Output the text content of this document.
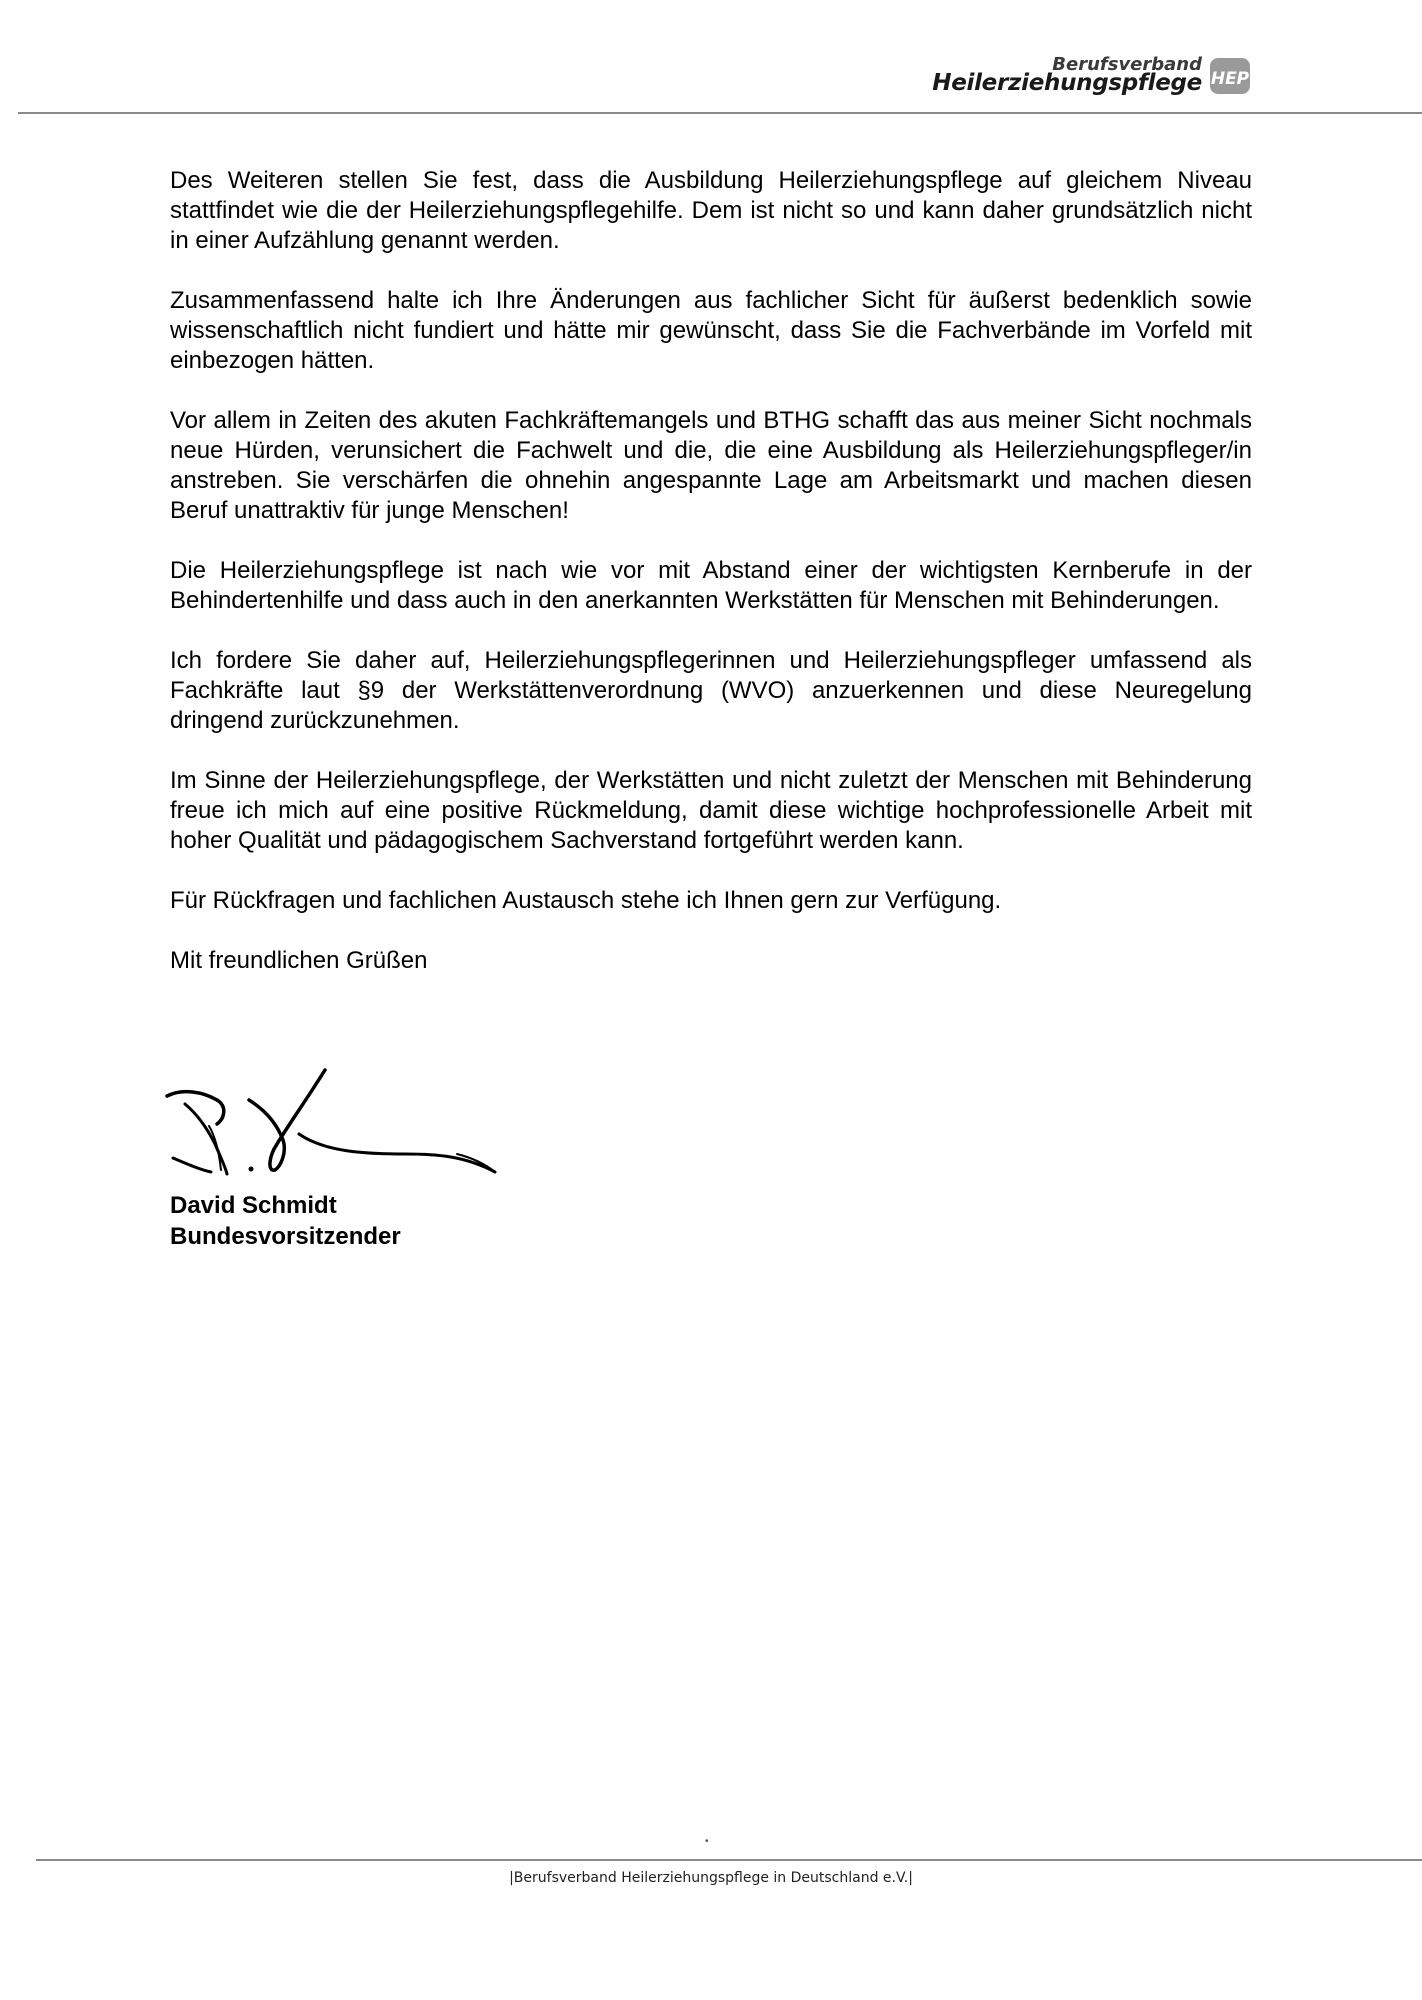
Berufsverband
Heilerziehungspflege HEP

Des Weiteren stellen Sie fest, dass die Ausbildung Heilerziehungspflege auf gleichem Niveau stattfindet wie die der Heilerziehungspflegehilfe. Dem ist nicht so und kann daher grundsätzlich nicht in einer Aufzählung genannt werden.

Zusammenfassend halte ich Ihre Änderungen aus fachlicher Sicht für äußerst bedenklich sowie wissenschaftlich nicht fundiert und hätte mir gewünscht, dass Sie die Fachverbände im Vorfeld mit einbezogen hätten.

Vor allem in Zeiten des akuten Fachkräftemangels und BTHG schafft das aus meiner Sicht nochmals neue Hürden, verunsichert die Fachwelt und die, die eine Ausbildung als Heilerziehungspfleger/in anstreben. Sie verschärfen die ohnehin angespannte Lage am Arbeitsmarkt und machen diesen Beruf unattraktiv für junge Menschen!

Die Heilerziehungspflege ist nach wie vor mit Abstand einer der wichtigsten Kernberufe in der Behindertenhilfe und dass auch in den anerkannten Werkstätten für Menschen mit Behinderungen.

Ich fordere Sie daher auf, Heilerziehungspflegerinnen und Heilerziehungspfleger umfassend als Fachkräfte laut §9 der Werkstättenverordnung (WVO) anzuerkennen und diese Neuregelung dringend zurückzunehmen.

Im Sinne der Heilerziehungspflege, der Werkstätten und nicht zuletzt der Menschen mit Behinderung freue ich mich auf eine positive Rückmeldung, damit diese wichtige hochprofessionelle Arbeit mit hoher Qualität und pädagogischem Sachverstand fortgeführt werden kann.

Für Rückfragen und fachlichen Austausch stehe ich Ihnen gern zur Verfügung.

Mit freundlichen Grüßen

David Schmidt
Bundesvorsitzender
•
|Berufsverband Heilerziehungspflege in Deutschland e.V.|
